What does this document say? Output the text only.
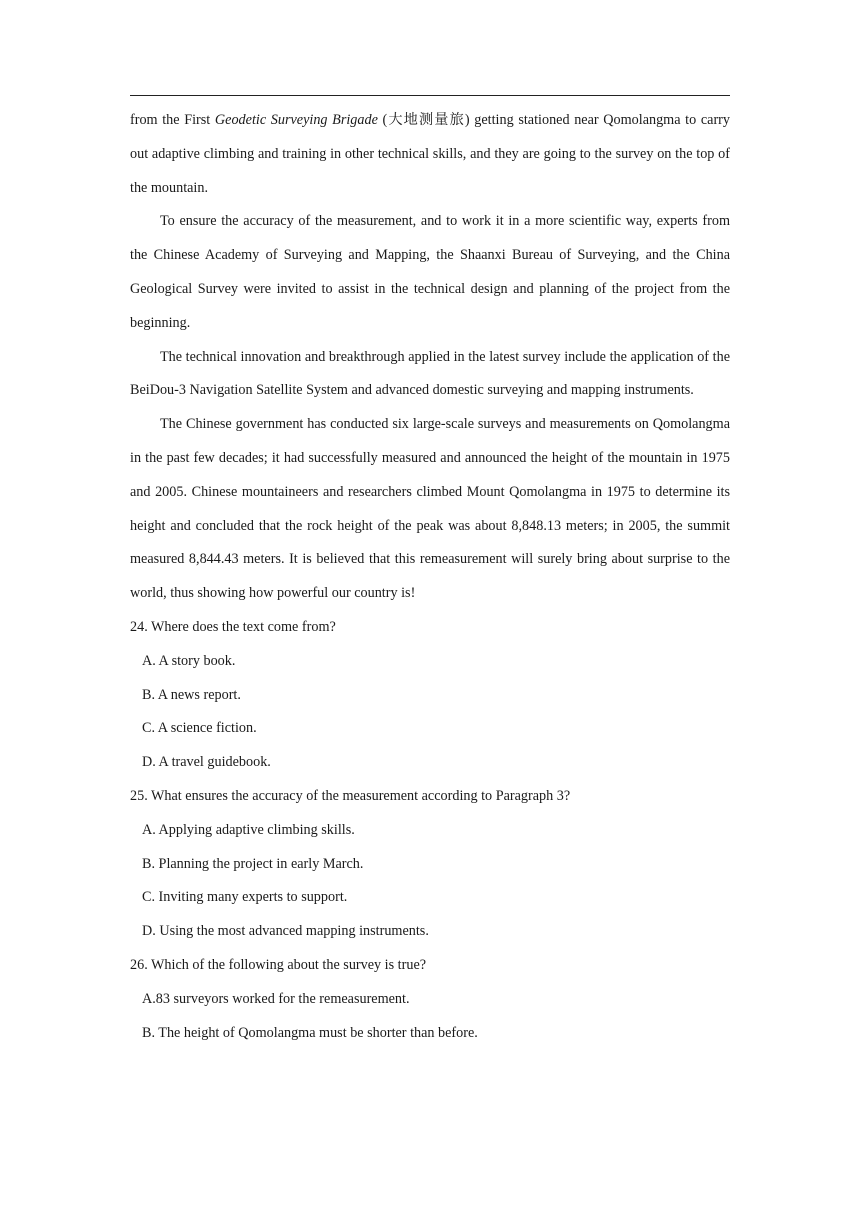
from the First Geodetic Surveying Brigade (大地测量旅) getting stationed near Qomolangma to carry out adaptive climbing and training in other technical skills, and they are going to the survey on the top of the mountain.

To ensure the accuracy of the measurement, and to work it in a more scientific way, experts from the Chinese Academy of Surveying and Mapping, the Shaanxi Bureau of Surveying, and the China Geological Survey were invited to assist in the technical design and planning of the project from the beginning.

The technical innovation and breakthrough applied in the latest survey include the application of the BeiDou-3 Navigation Satellite System and advanced domestic surveying and mapping instruments.

The Chinese government has conducted six large-scale surveys and measurements on Qomolangma in the past few decades; it had successfully measured and announced the height of the mountain in 1975 and 2005. Chinese mountaineers and researchers climbed Mount Qomolangma in 1975 to determine its height and concluded that the rock height of the peak was about 8,848.13 meters; in 2005, the summit measured 8,844.43 meters. It is believed that this remeasurement will surely bring about surprise to the world, thus showing how powerful our country is!

24. Where does the text come from?

A. A story book.

B. A news report.

C. A science fiction.

D. A travel guidebook.

25. What ensures the accuracy of the measurement according to Paragraph 3?

A. Applying adaptive climbing skills.

B. Planning the project in early March.

C. Inviting many experts to support.

D. Using the most advanced mapping instruments.

26. Which of the following about the survey is true?

A.83 surveyors worked for the remeasurement.

B. The height of Qomolangma must be shorter than before.
